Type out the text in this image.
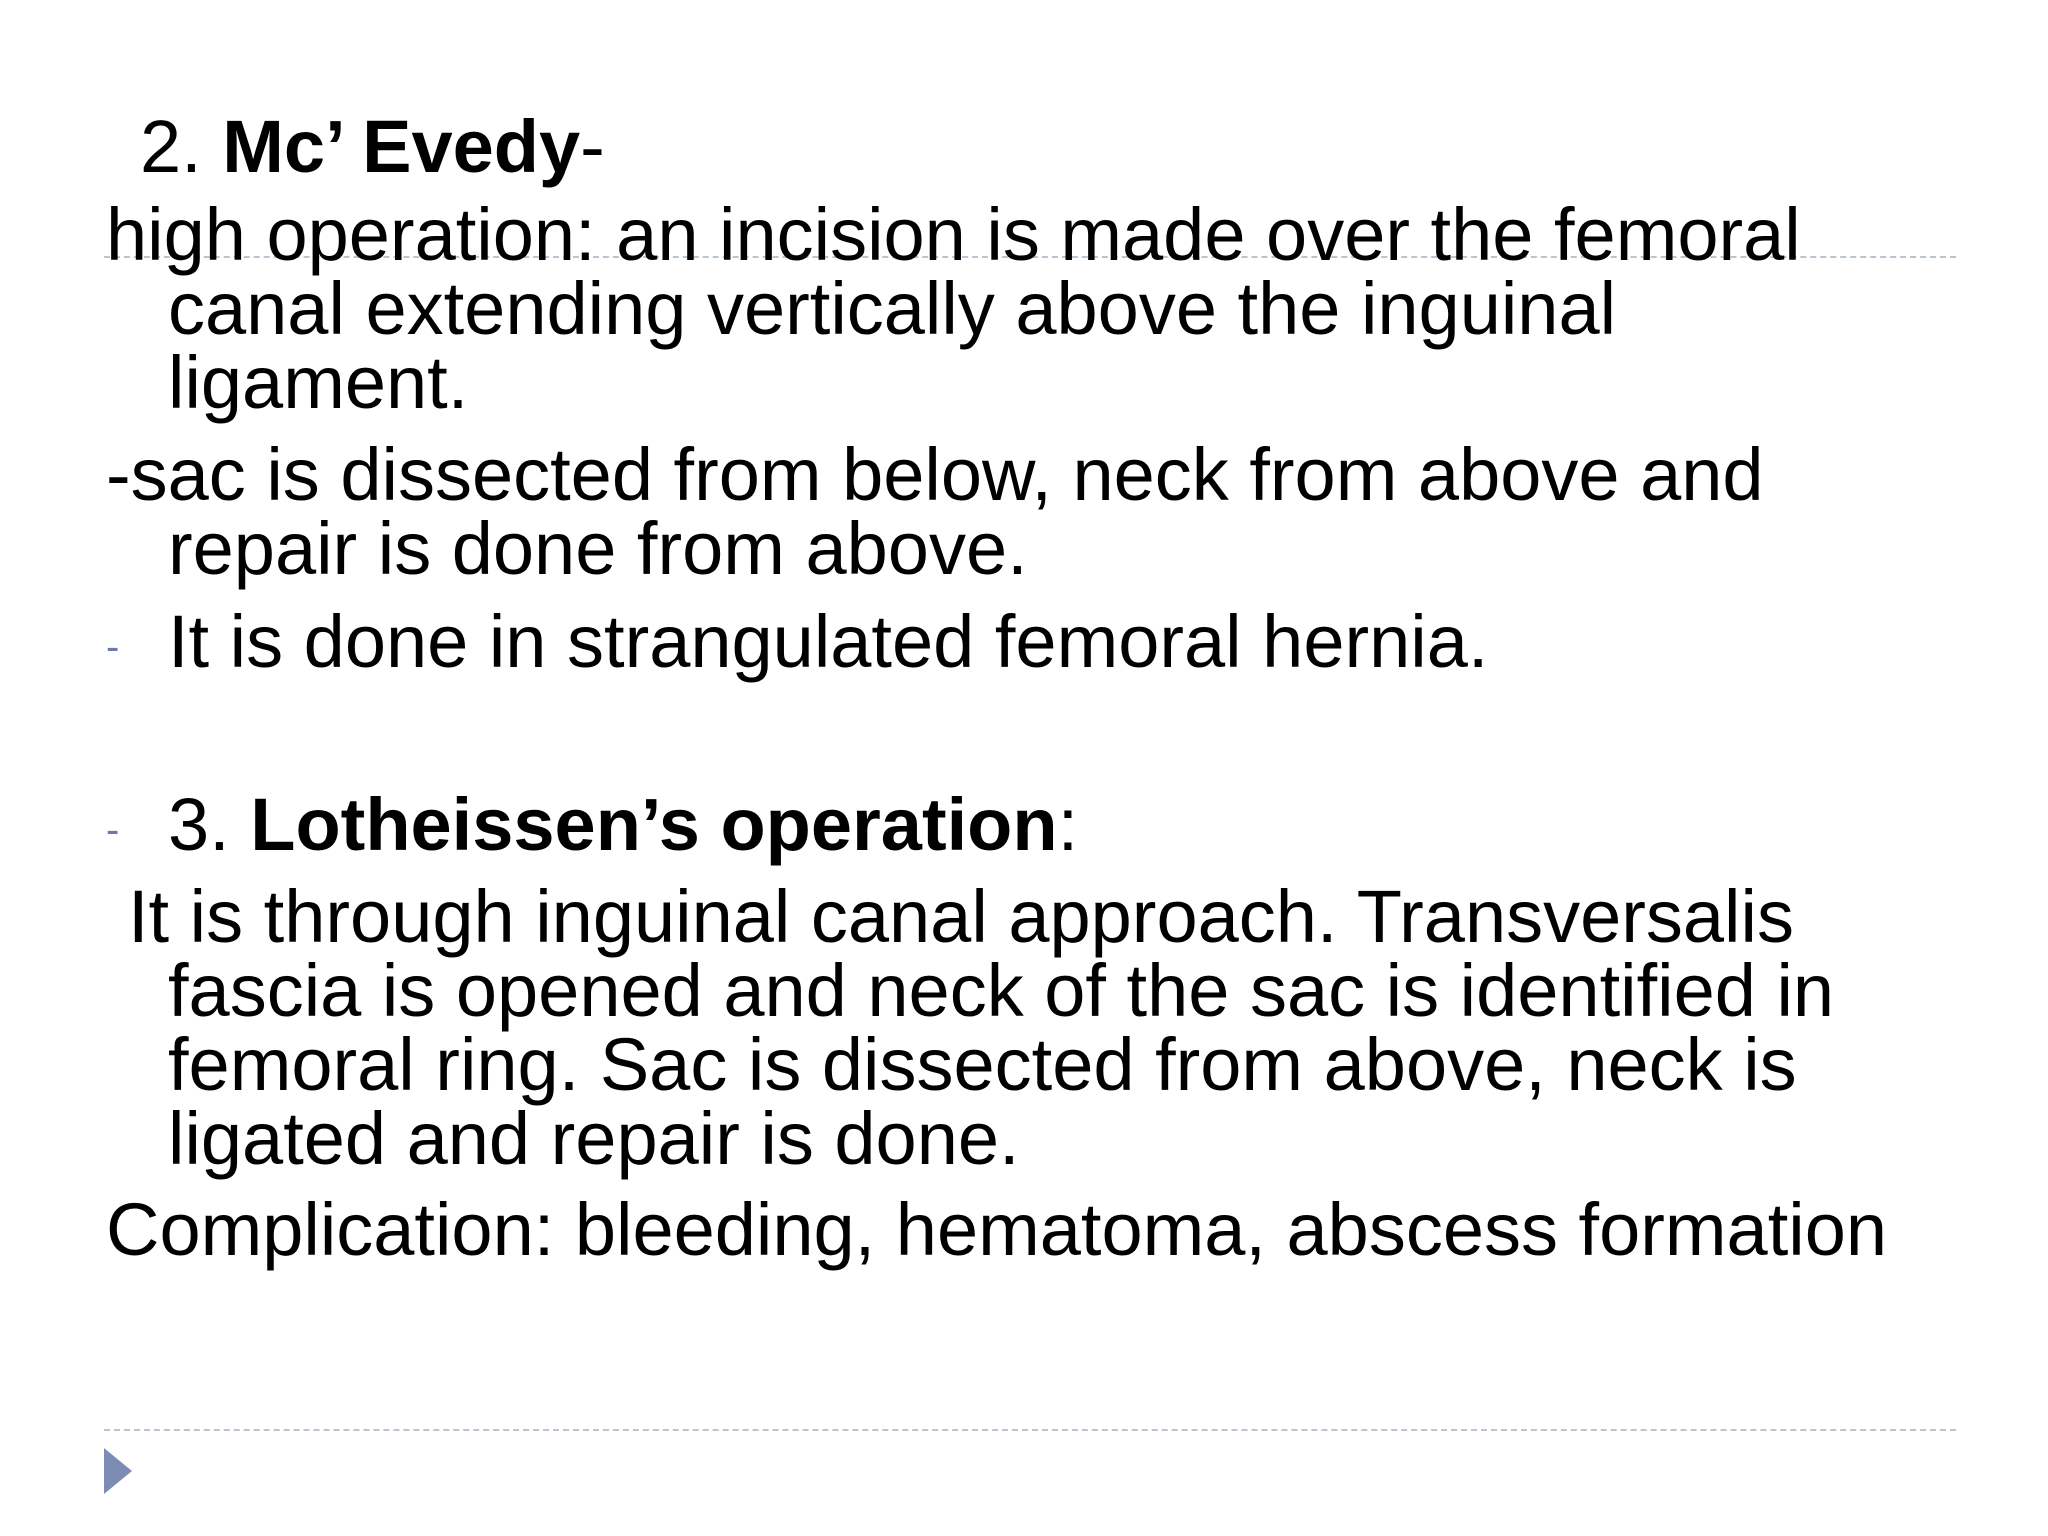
2. Mc’ Evedy-
high operation: an incision is made over the femoral
canal extending vertically above the inguinal
ligament.
-sac is dissected from below, neck from above and
repair is done from above.
- It is done in strangulated femoral hernia.
- 3. Lotheissen’s operation:
It is through inguinal canal approach. Transversalis
fascia is opened and neck of the sac is identified in
femoral ring. Sac is dissected from above, neck is
ligated and repair is done.
Complication: bleeding, hematoma, abscess formation
